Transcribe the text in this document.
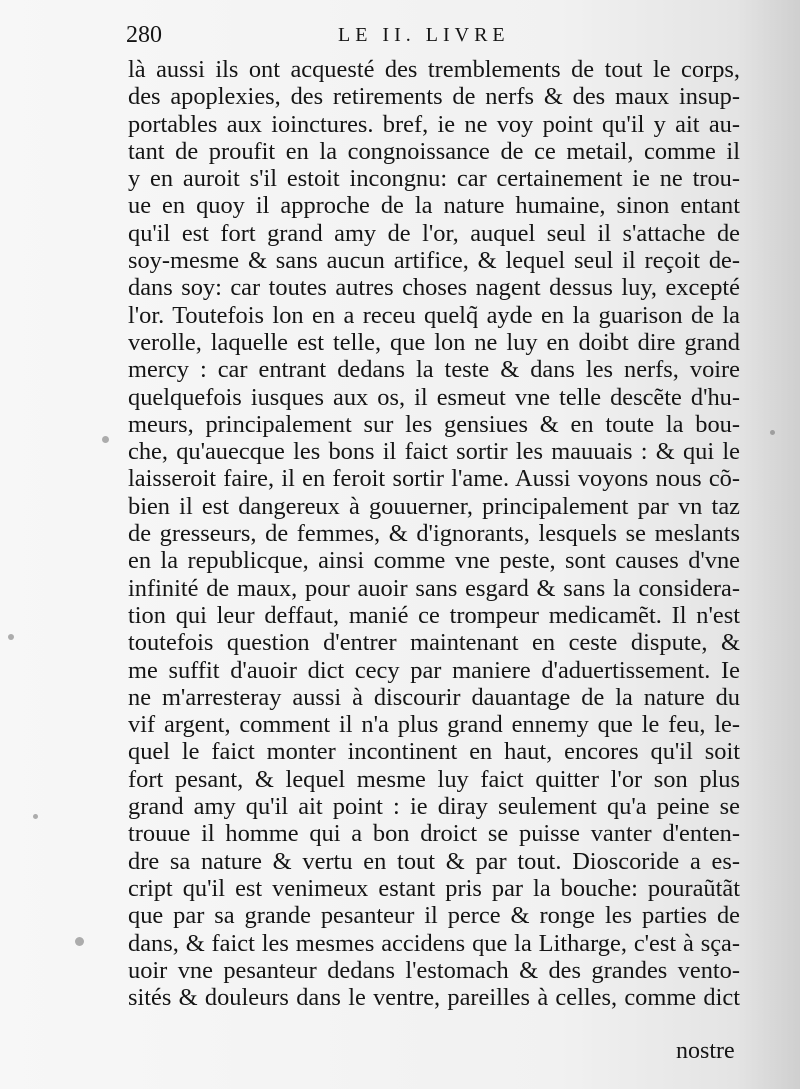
280	LE II. LIVRE
là aussi ils ont acquesté des tremblements de tout le corps,
des apoplexies, des retirements de nerfs & des maux insup-
portables aux ioinctures. bref, ie ne voy point qu'il y ait au-
tant de proufit en la congnoissance de ce metail, comme il
y en auroit s'il estoit incongnu: car certainement ie ne trou-
ue en quoy il approche de la nature humaine, sinon entant
qu'il est fort grand amy de l'or, auquel seul il s'attache de
soy-mesme & sans aucun artifice, & lequel seul il reçoit de-
dans soy: car toutes autres choses nagent dessus luy, excepté
l'or. Toutefois lon en a receu quelq̃ ayde en la guarison de la
verolle, laquelle est telle, que lon ne luy en doibt dire grand
mercy : car entrant dedans la teste & dans les nerfs, voire
quelquefois iusques aux os, il esmeut vne telle descẽte d'hu-
meurs, principalement sur les gensiues & en toute la bou-
che, qu'auecque les bons il faict sortir les mauuais : & qui le
laisseroit faire, il en feroit sortir l'ame. Aussi voyons nous cõ-
bien il est dangereux à gouuerner, principalement par vn taz
de gresseurs, de femmes, & d'ignorants, lesquels se meslants
en la republicque, ainsi comme vne peste, sont causes d'vne
infinité de maux, pour auoir sans esgard & sans la considera-
tion qui leur deffaut, manié ce trompeur medicamẽt. Il n'est
toutefois question d'entrer maintenant en ceste dispute, &
me suffit d'auoir dict cecy par maniere d'aduertissement. Ie
ne m'arresteray aussi à discourir dauantage de la nature du
vif argent, comment il n'a plus grand ennemy que le feu, le-
quel le faict monter incontinent en haut, encores qu'il soit
fort pesant, & lequel mesme luy faict quitter l'or son plus
grand amy qu'il ait point : ie diray seulement qu'a peine se
trouue il homme qui a bon droict se puisse vanter d'enten-
dre sa nature & vertu en tout & par tout. Dioscoride a es-
cript qu'il est venimeux estant pris par la bouche: pouraũtãt
que par sa grande pesanteur il perce & ronge les parties de
dans, & faict les mesmes accidens que la Litharge, c'est à sça-
uoir vne pesanteur dedans l'estomach & des grandes vento-
sités & douleurs dans le ventre, pareilles à celles, comme dict
nostre
